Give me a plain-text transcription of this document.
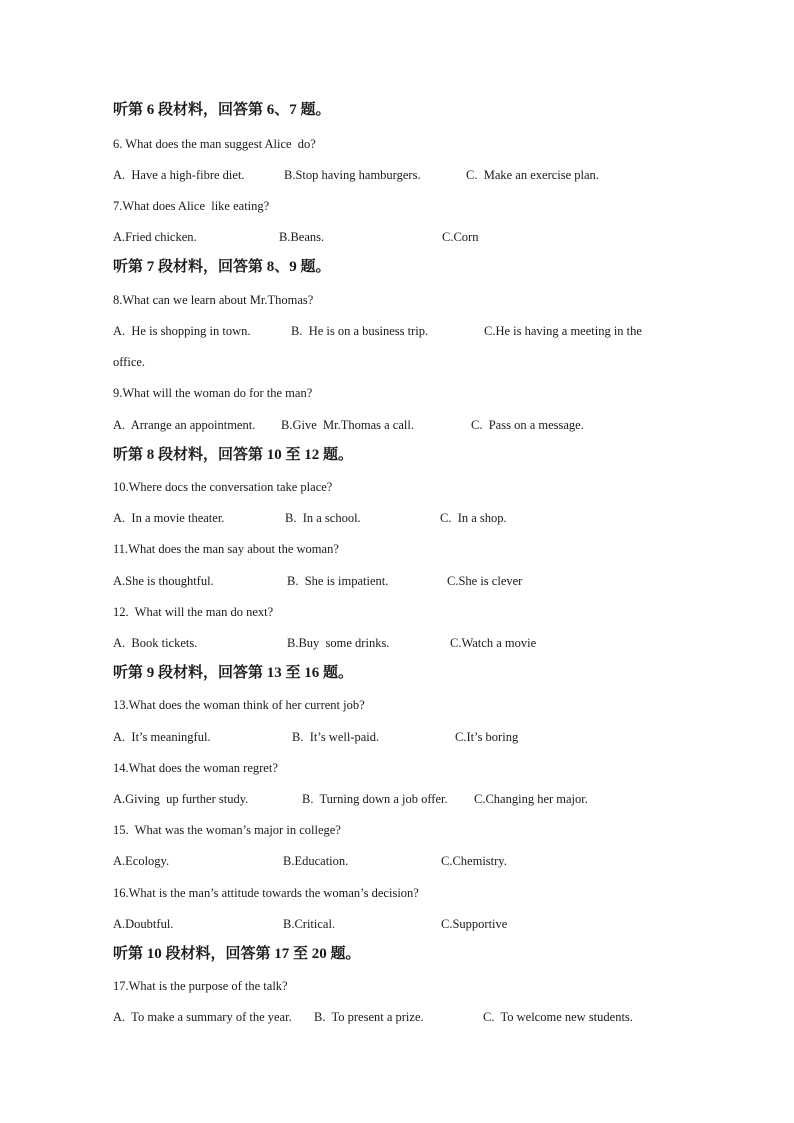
听第 6 段材料，回答第 6、7 题。
6. What does the man suggest Alice  do?
A.  Have a high-fibre diet.	B.Stop having hamburgers.	C.  Make an exercise plan.
7.What does Alice  like eating?
A.Fried chicken.	B.Beans.	C.Corn
听第 7 段材料，回答第 8、9 题。
8.What can we learn about Mr.Thomas?
A.  He is shopping in town.	B.  He is on a business trip.	C.He is having a meeting in the
office.
9.What will the woman do for the man?
A.  Arrange an appointment. B.Give  Mr.Thomas a call.	C.  Pass on a message.
听第 8 段材料，回答第 10 至 12 题。
10.Where docs the conversation take place?
A.  In a movie theater.	B.  In a school.	C.  In a shop.
11.What does the man say about the woman?
A.She is thoughtful.	B.  She is impatient.	C.She is clever
12.  What will the man do next?
A.  Book tickets.	B.Buy  some drinks.	C.Watch a movie
听第 9 段材料，回答第 13 至 16 题。
13.What does the woman think of her current job?
A.  It’s meaningful.	B.  It’s well-paid.	C.It’s boring
14.What does the woman regret?
A.Giving  up further study.	B.  Turning down a job offer. C.Changing her major.
15.  What was the woman’s major in college?
A.Ecology.	B.Education.	C.Chemistry.
16.What is the man’s attitude towards the woman’s decision?
A.Doubtful.	B.Critical.	C.Supportive
听第 10 段材料，回答第 17 至 20 题。
17.What is the purpose of the talk?
A.  To make a summary of the year. B.  To present a prize.	C.  To welcome new students.
